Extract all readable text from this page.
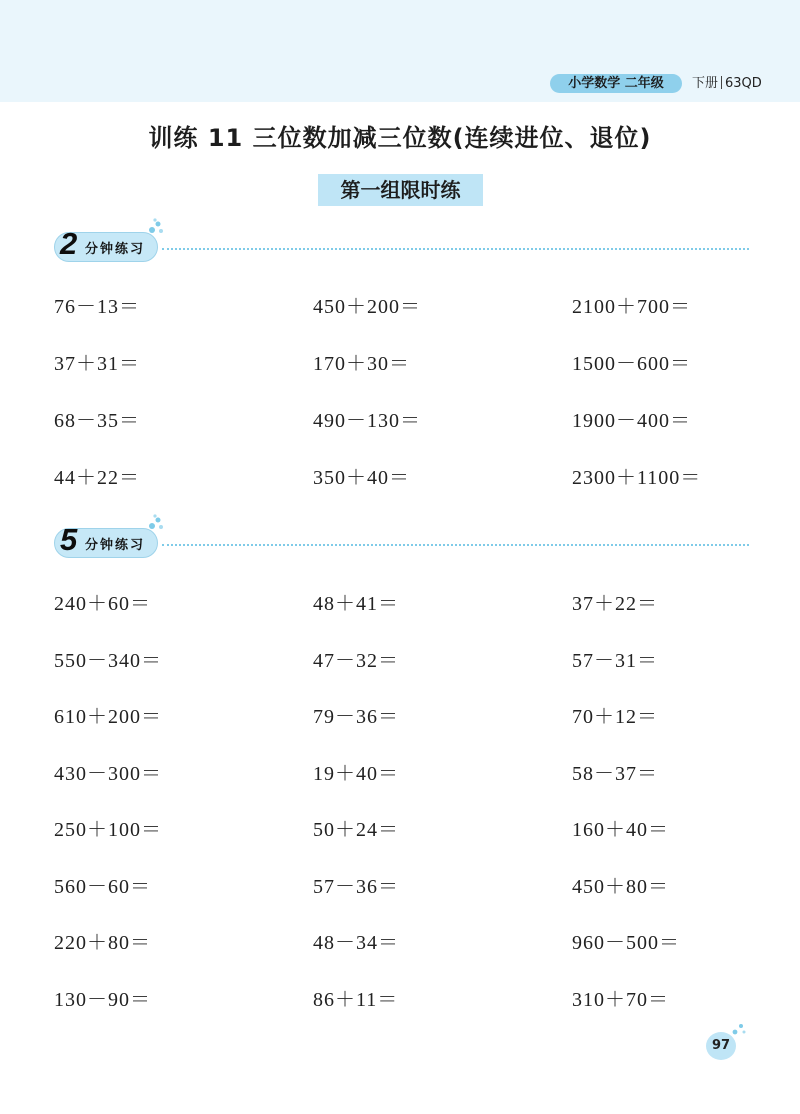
小学数学 二年级	下册 63QD
训练 11 三位数加减三位数(连续进位、退位)
第一组限时练
2 分钟练习
76－13＝
37＋31＝
68－35＝
44＋22＝
450＋200＝
170＋30＝
490－130＝
350＋40＝
2100＋700＝
1500－600＝
1900－400＝
2300＋1100＝
5 分钟练习
240＋60＝
550－340＝
610＋200＝
430－300＝
250＋100＝
560－60＝
220＋80＝
130－90＝
48＋41＝
47－32＝
79－36＝
19＋40＝
50＋24＝
57－36＝
48－34＝
86＋11＝
37＋22＝
57－31＝
70＋12＝
58－37＝
160＋40＝
450＋80＝
960－500＝
310＋70＝
97
